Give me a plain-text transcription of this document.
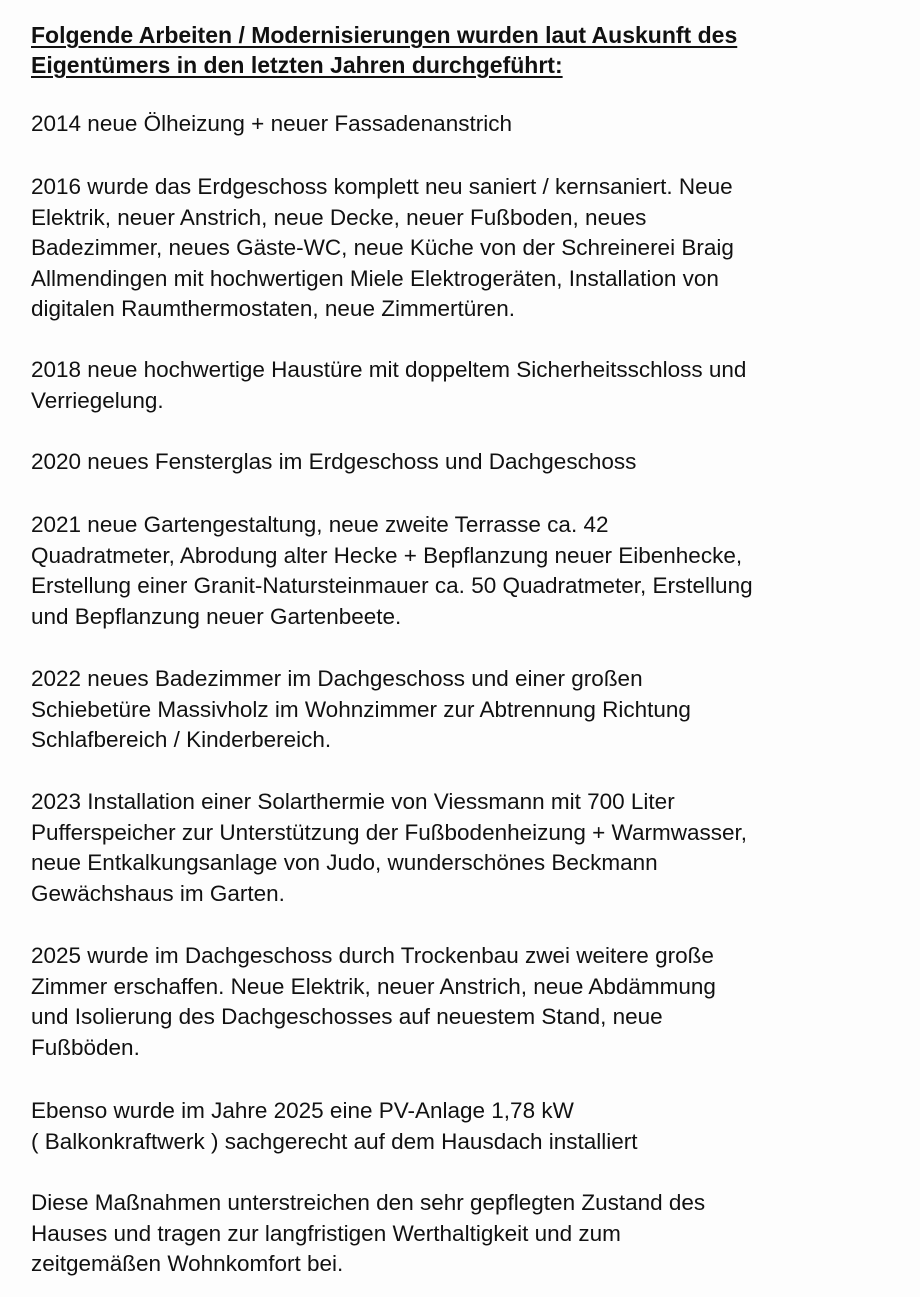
Folgende Arbeiten / Modernisierungen wurden laut Auskunft des
Eigentümers in den letzten Jahren durchgeführt:

2014 neue Ölheizung + neuer Fassadenanstrich

2016 wurde das Erdgeschoss komplett neu saniert / kernsaniert. Neue
Elektrik, neuer Anstrich, neue Decke, neuer Fußboden, neues
Badezimmer, neues Gäste-WC, neue Küche von der Schreinerei Braig
Allmendingen mit hochwertigen Miele Elektrogeräten, Installation von
digitalen Raumthermostaten, neue Zimmertüren.

2018 neue hochwertige Haustüre mit doppeltem Sicherheitsschloss und
Verriegelung.

2020 neues Fensterglas im Erdgeschoss und Dachgeschoss

2021 neue Gartengestaltung, neue zweite Terrasse ca. 42
Quadratmeter, Abrodung alter Hecke + Bepflanzung neuer Eibenhecke,
Erstellung einer Granit-Natursteinmauer ca. 50 Quadratmeter, Erstellung
und Bepflanzung neuer Gartenbeete.

2022 neues Badezimmer im Dachgeschoss und einer großen
Schiebetüre Massivholz im Wohnzimmer zur Abtrennung Richtung
Schlafbereich / Kinderbereich.

2023 Installation einer Solarthermie von Viessmann mit 700 Liter
Pufferspeicher zur Unterstützung der Fußbodenheizung + Warmwasser,
neue Entkalkungsanlage von Judo, wunderschönes Beckmann
Gewächshaus im Garten.

2025 wurde im Dachgeschoss durch Trockenbau zwei weitere große
Zimmer erschaffen. Neue Elektrik, neuer Anstrich, neue Abdämmung
und Isolierung des Dachgeschosses auf neuestem Stand, neue
Fußböden.

Ebenso wurde im Jahre 2025 eine PV-Anlage 1,78 kW
( Balkonkraftwerk ) sachgerecht auf dem Hausdach installiert

Diese Maßnahmen unterstreichen den sehr gepflegten Zustand des
Hauses und tragen zur langfristigen Werthaltigkeit und zum
zeitgemäßen Wohnkomfort bei.
